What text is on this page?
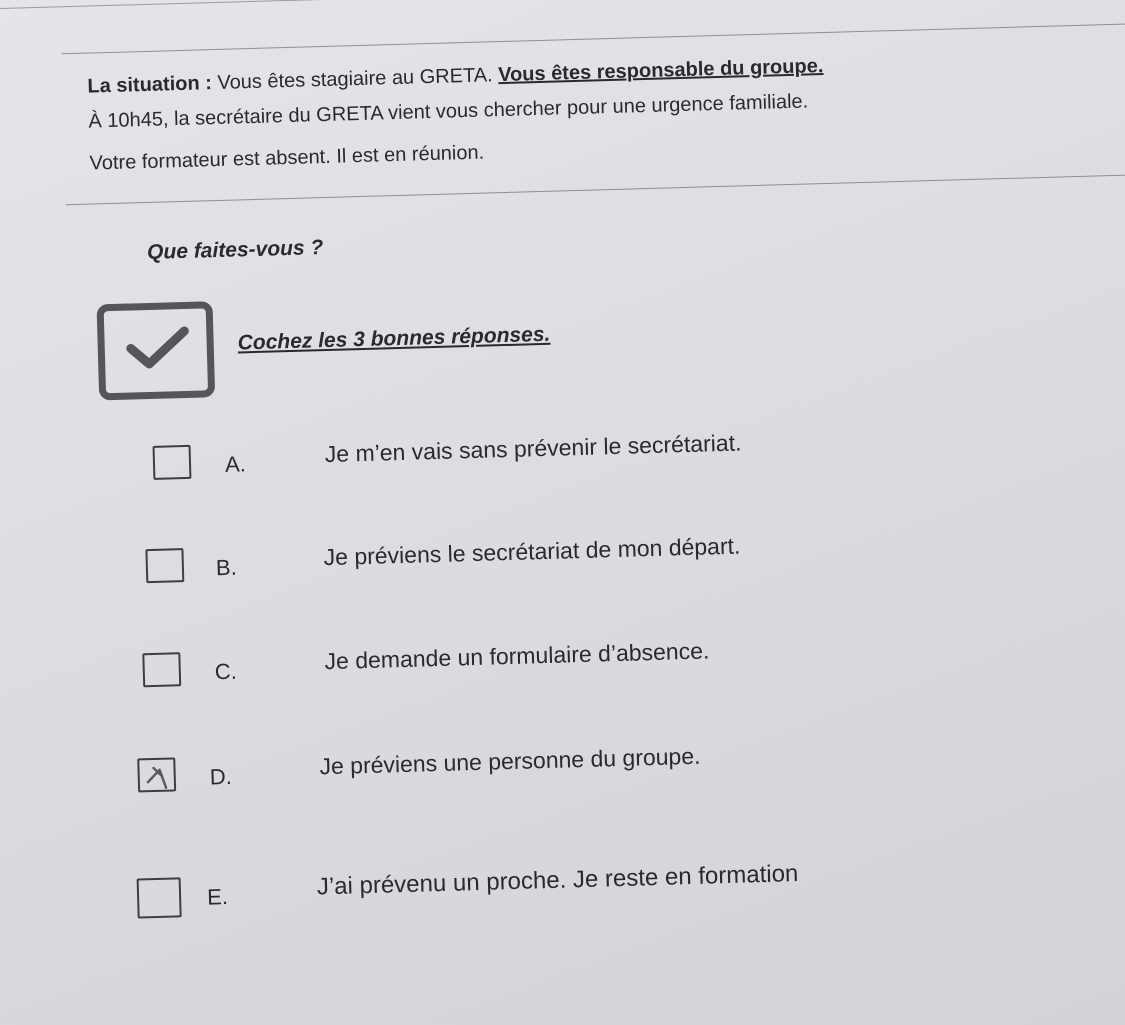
La situation : Vous êtes stagiaire au GRETA. Vous êtes responsable du groupe.
À 10h45, la secrétaire du GRETA vient vous chercher pour une urgence familiale.
Votre formateur est absent. Il est en réunion.
Que faites-vous ?
Cochez les 3 bonnes réponses.
A.	Je m’en vais sans prévenir le secrétariat.
B.	Je préviens le secrétariat de mon départ.
C.	Je demande un formulaire d’absence.
D.	Je préviens une personne du groupe.
E.	J’ai prévenu un proche. Je reste en formation
